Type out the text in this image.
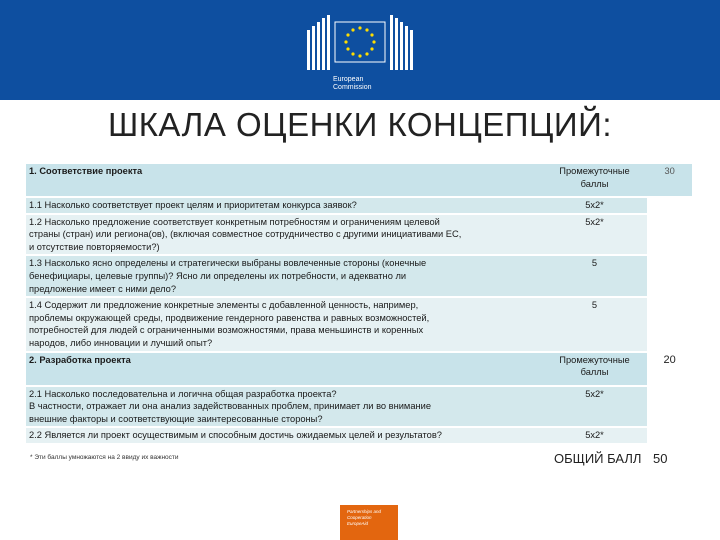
European
Commission
ШКАЛА ОЦЕНКИ КОНЦЕПЦИЙ:
1. Соответствие проекта	Промежуточные
баллы	30

1.1 Насколько соответствует проект целям и приоритетам конкурса заявок?	5х2*	

1.2 Насколько предложение соответствует конкретным потребностям и ограничениям целевой
страны (стран) или региона(ов), (включая совместное сотрудничество с другими инициативами ЕС,
и отсутствие повторяемости?)	5х2*	

1.3 Насколько ясно определены и стратегически выбраны вовлеченные стороны (конечные
бенефициары, целевые группы)? Ясно ли определены их потребности, и адекватно ли
предложение имеет с ними дело?	5	

1.4 Содержит ли предложение конкретные элементы с добавленной ценность, например,
проблемы окружающей среды, продвижение гендерного равенства и равных возможностей,
потребностей для людей с ограниченными возможностями, права меньшинств и коренных
народов, либо инновации и лучший опыт?	5	
2. Разработка проекта	Промежуточные
баллы	20

2.1 Насколько последовательна и логична общая разработка проекта?
В частности, отражает ли она анализ задействованных проблем, принимает ли во внимание
внешние факторы и соответствующие заинтересованные стороны?	5х2*	

2.2 Является ли проект осуществимым и способным достичь ожидаемых целей и результатов?	5х2*	
* Эти баллы умножаются на 2 ввиду их важности	ОБЩИЙ БАЛЛ 50
Partnerships and
Cooperation
EuropeAid
